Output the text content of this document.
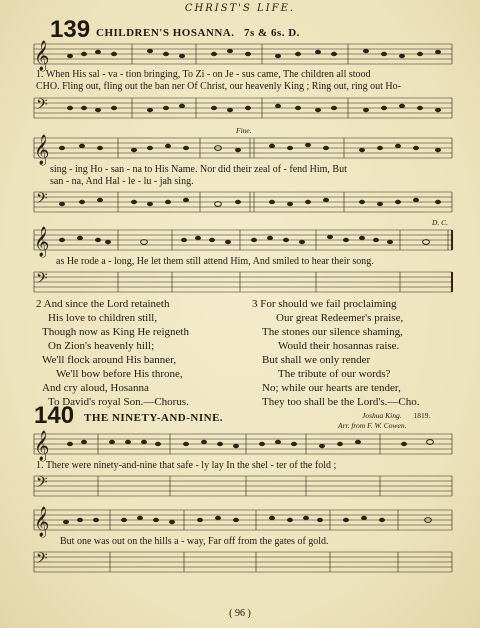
CHRIST'S LIFE.
139 CHILDREN'S HOSANNA. 7s & 6s. D.
𝄞
1. When His sal - va - tion bringing, To Zi - on Je - sus came, The children all stood
CHO. Fling out, fling out the ban ner Of Christ, our heavenly King ; Ring out, ring out Ho-
𝄢
Fine.
𝄞
sing - ing Ho - san - na to His Name. Nor did their zeal of - fend Him, But
san - na, And Hal - le - lu - jah sing.
𝄢
D. C.
𝄞
as He rode a - long, He let them still attend Him, And smiled to hear their song.
𝄢
2 And since the Lord retaineth
His love to children still,
Though now as King He reigneth
On Zion's heavenly hill;
We'll flock around His banner,
We'll bow before His throne,
And cry aloud, Hosanna
To David's royal Son.—Chorus.
3 For should we fail proclaiming
Our great Redeemer's praise,
The stones our silence shaming,
Would their hosannas raise.
But shall we only render
The tribute of our words?
No; while our hearts are tender,
They too shall be the Lord's.—Cho.
Joshua King. 1819.
140 THE NINETY-AND-NINE.
Arr. from F. W. Cowen.
𝄞
1. There were ninety-and-nine that safe - ly lay In the shel - ter of the fold ;
𝄢
𝄞
But one was out on the hills a - way, Far off from the gates of gold.
𝄢
( 96 )
